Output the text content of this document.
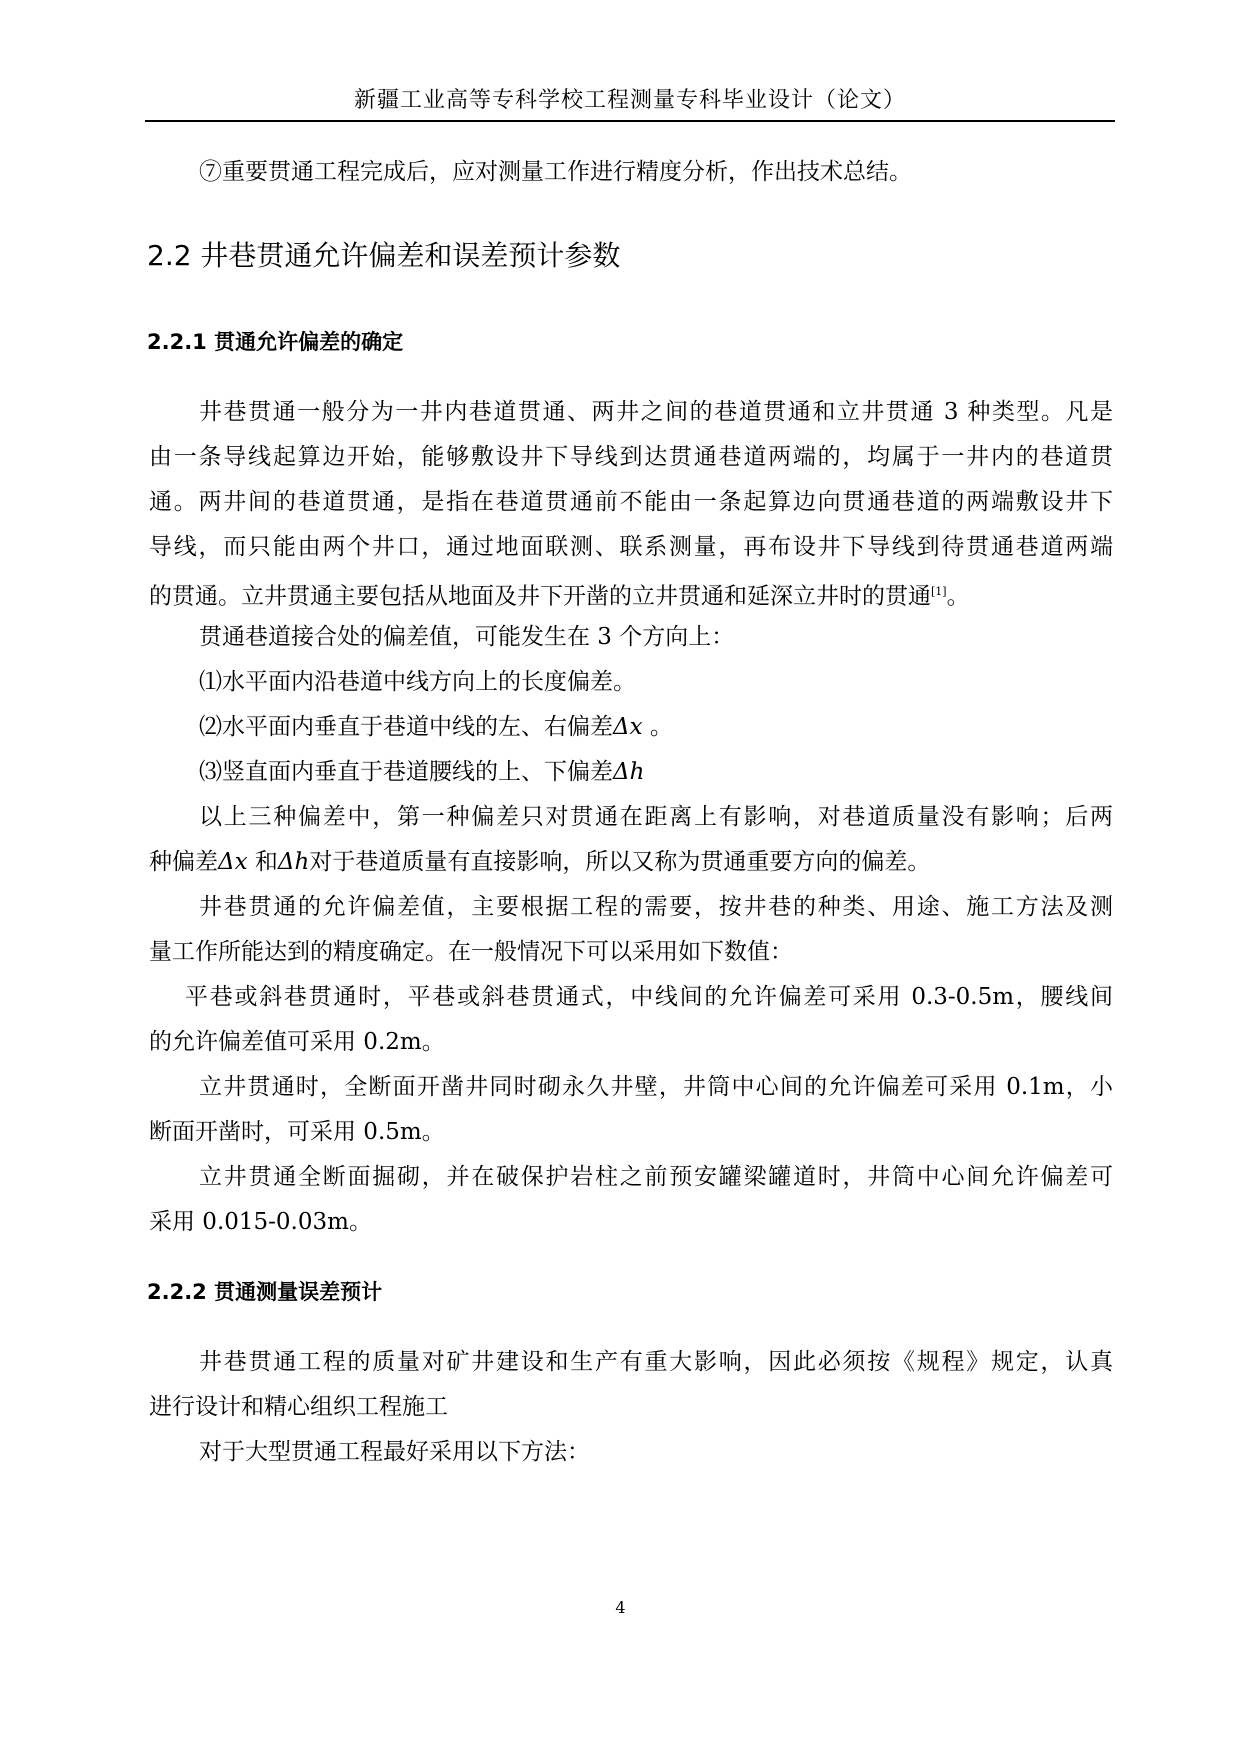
新疆工业高等专科学校工程测量专科毕业设计（论文）
⑦重要贯通工程完成后，应对测量工作进行精度分析，作出技术总结。
2.2 井巷贯通允许偏差和误差预计参数
2.2.1 贯通允许偏差的确定
井巷贯通一般分为一井内巷道贯通、两井之间的巷道贯通和立井贯通 3 种类型。凡是
由一条导线起算边开始，能够敷设井下导线到达贯通巷道两端的，均属于一井内的巷道贯
通。两井间的巷道贯通，是指在巷道贯通前不能由一条起算边向贯通巷道的两端敷设井下
导线，而只能由两个井口，通过地面联测、联系测量，再布设井下导线到待贯通巷道两端
的贯通。立井贯通主要包括从地面及井下开凿的立井贯通和延深立井时的贯通[1]。
贯通巷道接合处的偏差值，可能发生在 3 个方向上：
⑴水平面内沿巷道中线方向上的长度偏差。
⑵水平面内垂直于巷道中线的左、右偏差Δx 。
⑶竖直面内垂直于巷道腰线的上、下偏差Δh
以上三种偏差中，第一种偏差只对贯通在距离上有影响，对巷道质量没有影响；后两
种偏差Δx 和Δh对于巷道质量有直接影响，所以又称为贯通重要方向的偏差。
井巷贯通的允许偏差值，主要根据工程的需要，按井巷的种类、用途、施工方法及测
量工作所能达到的精度确定。在一般情况下可以采用如下数值：
平巷或斜巷贯通时，平巷或斜巷贯通式，中线间的允许偏差可采用 0.3-0.5m，腰线间
的允许偏差值可采用 0.2m。
立井贯通时，全断面开凿井同时砌永久井壁，井筒中心间的允许偏差可采用 0.1m，小
断面开凿时，可采用 0.5m。
立井贯通全断面掘砌，并在破保护岩柱之前预安罐梁罐道时，井筒中心间允许偏差可
采用 0.015-0.03m。
2.2.2 贯通测量误差预计
井巷贯通工程的质量对矿井建设和生产有重大影响，因此必须按《规程》规定，认真
进行设计和精心组织工程施工
对于大型贯通工程最好采用以下方法：
4
